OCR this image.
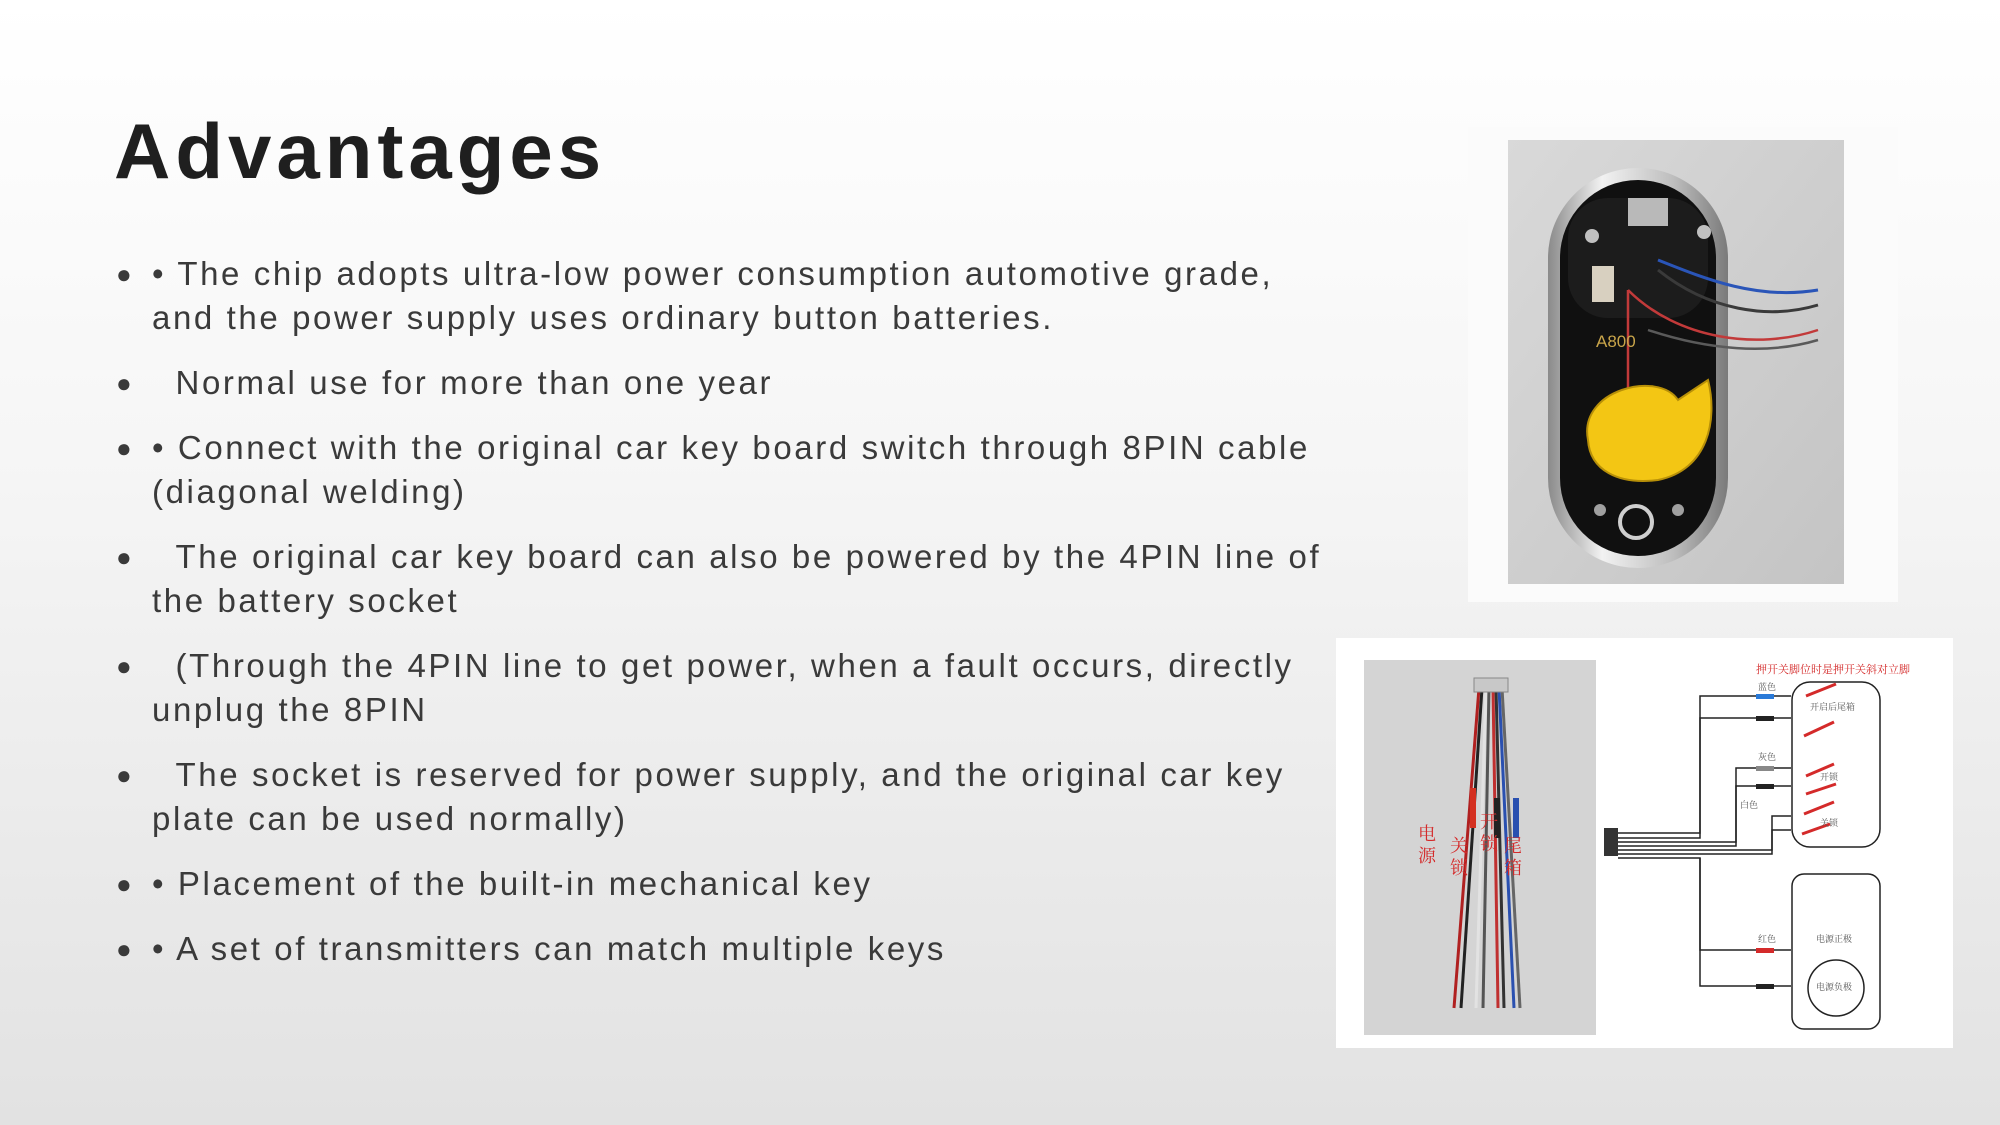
Advantages
● • The chip adopts ultra-low power consumption automotive grade, and the power supply uses ordinary button batteries.
● Normal use for more than one year
● • Connect with the original car key board switch through 8PIN cable (diagonal welding)
● The original car key board can also be powered by the 4PIN line of the battery socket
● (Through the 4PIN line to get power, when a fault occurs, directly unplug the 8PIN
● The socket is reserved for power supply, and the original car key plate can be used normally)
● • Placement of the built-in mechanical key
● • A set of transmitters can match multiple keys
A800
电
源 关
锁
开
锁 尾
箱
押开关脚位时是押开关斜对立脚
蓝色
开启后尾箱
灰色
开锁
白色
关锁
红色	电源正极
电源负极
